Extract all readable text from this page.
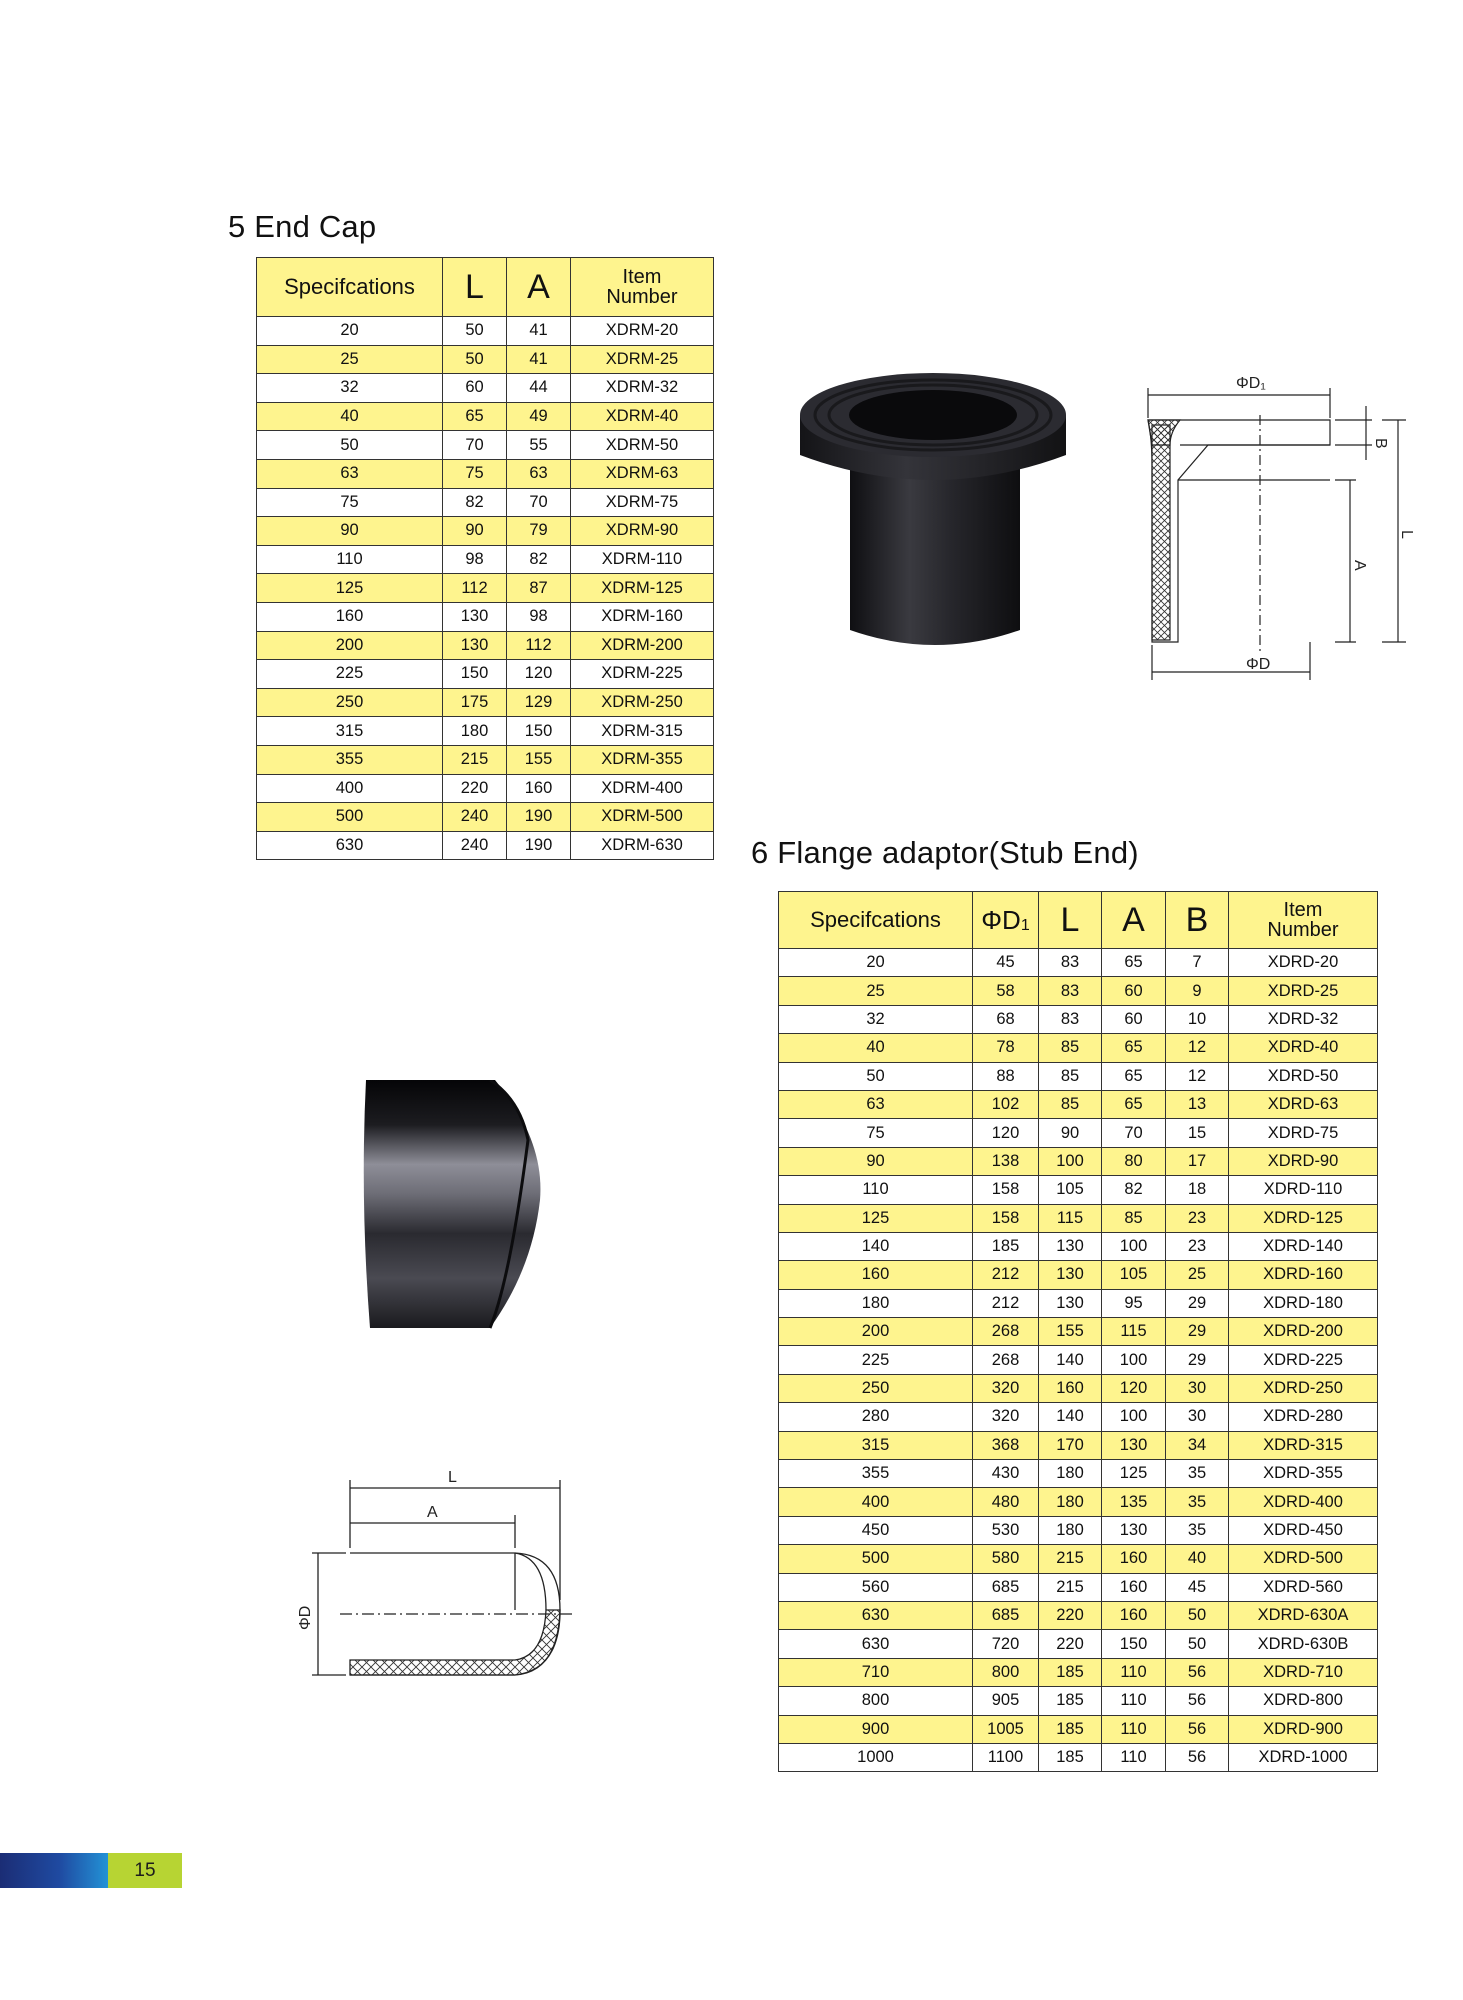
5 End Cap
Specifcations	L	A	Item
Number
20	50	41	XDRM-20
25	50	41	XDRM-25
32	60	44	XDRM-32
40	65	49	XDRM-40
50	70	55	XDRM-50
63	75	63	XDRM-63
75	82	70	XDRM-75
90	90	79	XDRM-90
110	98	82	XDRM-110
125	112	87	XDRM-125
160	130	98	XDRM-160
200	130	112	XDRM-200
225	150	120	XDRM-225
250	175	129	XDRM-250
315	180	150	XDRM-315
355	215	155	XDRM-355
400	220	160	XDRM-400
500	240	190	XDRM-500
630	240	190	XDRM-630
ΦD₁
ΦD
B
A
L
6 Flange adaptor(Stub End)
Specifcations	ΦD1	L	A	B	Item
Number
20	45	83	65	7	XDRD-20
25	58	83	60	9	XDRD-25
32	68	83	60	10	XDRD-32
40	78	85	65	12	XDRD-40
50	88	85	65	12	XDRD-50
63	102	85	65	13	XDRD-63
75	120	90	70	15	XDRD-75
90	138	100	80	17	XDRD-90
110	158	105	82	18	XDRD-110
125	158	115	85	23	XDRD-125
140	185	130	100	23	XDRD-140
160	212	130	105	25	XDRD-160
180	212	130	95	29	XDRD-180
200	268	155	115	29	XDRD-200
225	268	140	100	29	XDRD-225
250	320	160	120	30	XDRD-250
280	320	140	100	30	XDRD-280
315	368	170	130	34	XDRD-315
355	430	180	125	35	XDRD-355
400	480	180	135	35	XDRD-400
450	530	180	130	35	XDRD-450
500	580	215	160	40	XDRD-500
560	685	215	160	45	XDRD-560
630	685	220	160	50	XDRD-630A
630	720	220	150	50	XDRD-630B
710	800	185	110	56	XDRD-710
800	905	185	110	56	XDRD-800
900	1005	185	110	56	XDRD-900
1000	1100	185	110	56	XDRD-1000
L
A
ΦD
15
